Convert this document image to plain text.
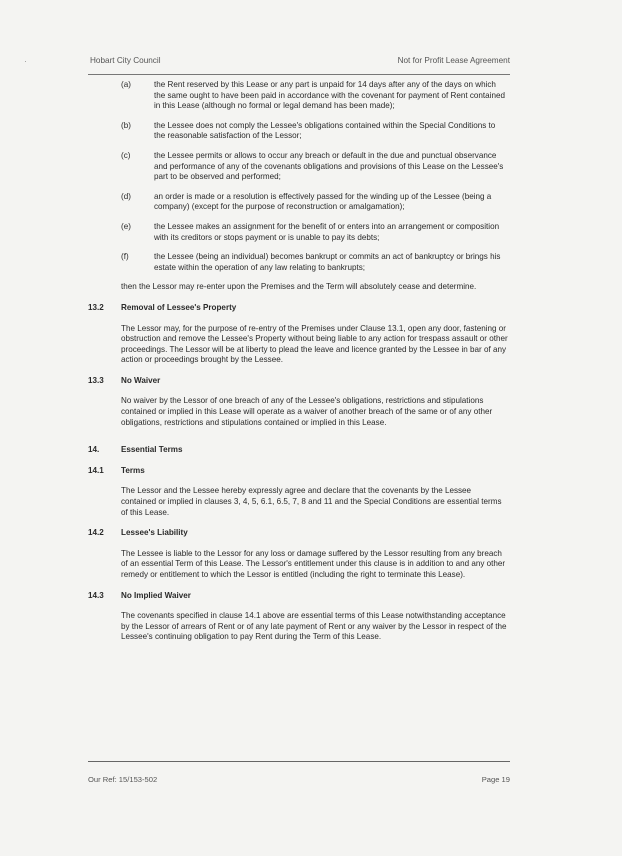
·	Hobart City Council	Not for Profit Lease Agreement
(a)	the Rent reserved by this Lease or any part is unpaid for 14 days after any of the days on which the same ought to have been paid in accordance with the covenant for payment of Rent contained in this Lease (although no formal or legal demand has been made);
(b)	the Lessee does not comply the Lessee's obligations contained within the Special Conditions to the reasonable satisfaction of the Lessor;
(c)	the Lessee permits or allows to occur any breach or default in the due and punctual observance and performance of any of the covenants obligations and provisions of this Lease on the Lessee's part to be observed and performed;
(d)	an order is made or a resolution is effectively passed for the winding up of the Lessee (being a company) (except for the purpose of reconstruction or amalgamation);
(e)	the Lessee makes an assignment for the benefit of or enters into an arrangement or composition with its creditors or stops payment or is unable to pay its debts;
(f)	the Lessee (being an individual) becomes bankrupt or commits an act of bankruptcy or brings his estate within the operation of any law relating to bankrupts;
then the Lessor may re-enter upon the Premises and the Term will absolutely cease and determine.
13.2 Removal of Lessee's Property
The Lessor may, for the purpose of re-entry of the Premises under Clause 13.1, open any door, fastening or obstruction and remove the Lessee's Property without being liable to any action for trespass assault or other proceedings. The Lessor will be at liberty to plead the leave and licence granted by the Lessee in bar of any action or proceedings brought by the Lessee.
13.3 No Waiver
No waiver by the Lessor of one breach of any of the Lessee's obligations, restrictions and stipulations contained or implied in this Lease will operate as a waiver of another breach of the same or of any other obligations, restrictions and stipulations contained or implied in this Lease.
14.	Essential Terms
14.1 Terms
The Lessor and the Lessee hereby expressly agree and declare that the covenants by the Lessee contained or implied in clauses 3, 4, 5, 6.1, 6.5, 7, 8 and 11 and the Special Conditions are essential terms of this Lease.
14.2 Lessee's Liability
The Lessee is liable to the Lessor for any loss or damage suffered by the Lessor resulting from any breach of an essential Term of this Lease. The Lessor's entitlement under this clause is in addition to and any other remedy or entitlement to which the Lessor is entitled (including the right to terminate this Lease).
14.3 No Implied Waiver
The covenants specified in clause 14.1 above are essential terms of this Lease notwithstanding acceptance by the Lessor of arrears of Rent or of any late payment of Rent or any waiver by the Lessor in respect of the Lessee's continuing obligation to pay Rent during the Term of this Lease.
Our Ref: 15/153-502	Page 19
